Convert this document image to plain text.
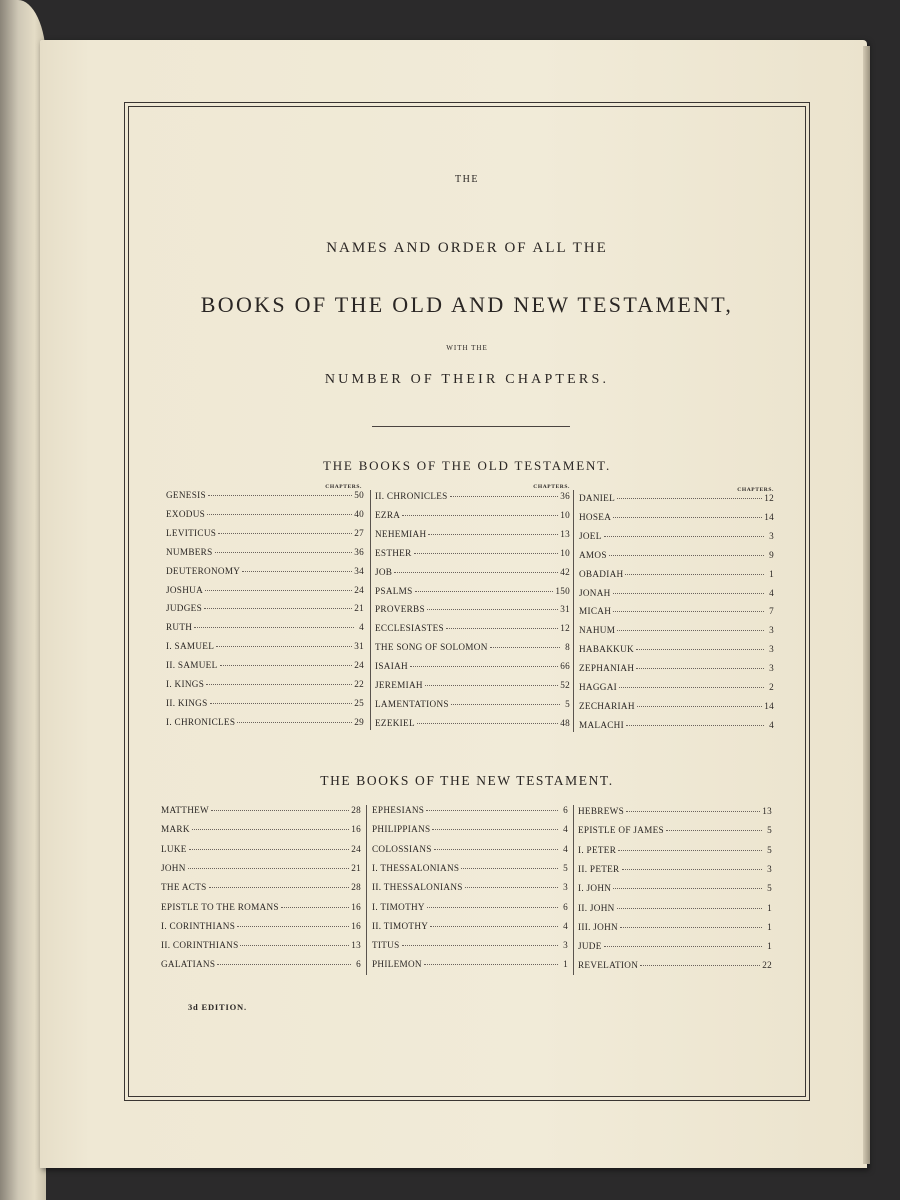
THE
NAMES AND ORDER OF ALL THE
BOOKS OF THE OLD AND NEW TESTAMENT,
WITH THE
NUMBER OF THEIR CHAPTERS.
THE BOOKS OF THE OLD TESTAMENT.
CHAPTERS.	CHAPTERS.	CHAPTERS.
GENESIS	50
EXODUS	40
LEVITICUS	27
NUMBERS	36
DEUTERONOMY	34
JOSHUA	24
JUDGES	21
RUTH	4
I. SAMUEL	31
II. SAMUEL	24
I. KINGS	22
II. KINGS	25
I. CHRONICLES	29
II. CHRONICLES	36
EZRA	10
NEHEMIAH	13
ESTHER	10
JOB	42
PSALMS	150
PROVERBS	31
ECCLESIASTES	12
THE SONG OF SOLOMON	8
ISAIAH	66
JEREMIAH	52
LAMENTATIONS	5
EZEKIEL	48
DANIEL	12
HOSEA	14
JOEL	3
AMOS	9
OBADIAH	1
JONAH	4
MICAH	7
NAHUM	3
HABAKKUK	3
ZEPHANIAH	3
HAGGAI	2
ZECHARIAH	14
MALACHI	4
THE BOOKS OF THE NEW TESTAMENT.
MATTHEW	28
MARK	16
LUKE	24
JOHN	21
THE ACTS	28
EPISTLE TO THE ROMANS	16
I. CORINTHIANS	16
II. CORINTHIANS	13
GALATIANS	6
EPHESIANS	6
PHILIPPIANS	4
COLOSSIANS	4
I. THESSALONIANS	5
II. THESSALONIANS	3
I. TIMOTHY	6
II. TIMOTHY	4
TITUS	3
PHILEMON	1
HEBREWS	13
EPISTLE OF JAMES	5
I. PETER	5
II. PETER	3
I. JOHN	5
II. JOHN	1
III. JOHN	1
JUDE	1
REVELATION	22
3d EDITION.
